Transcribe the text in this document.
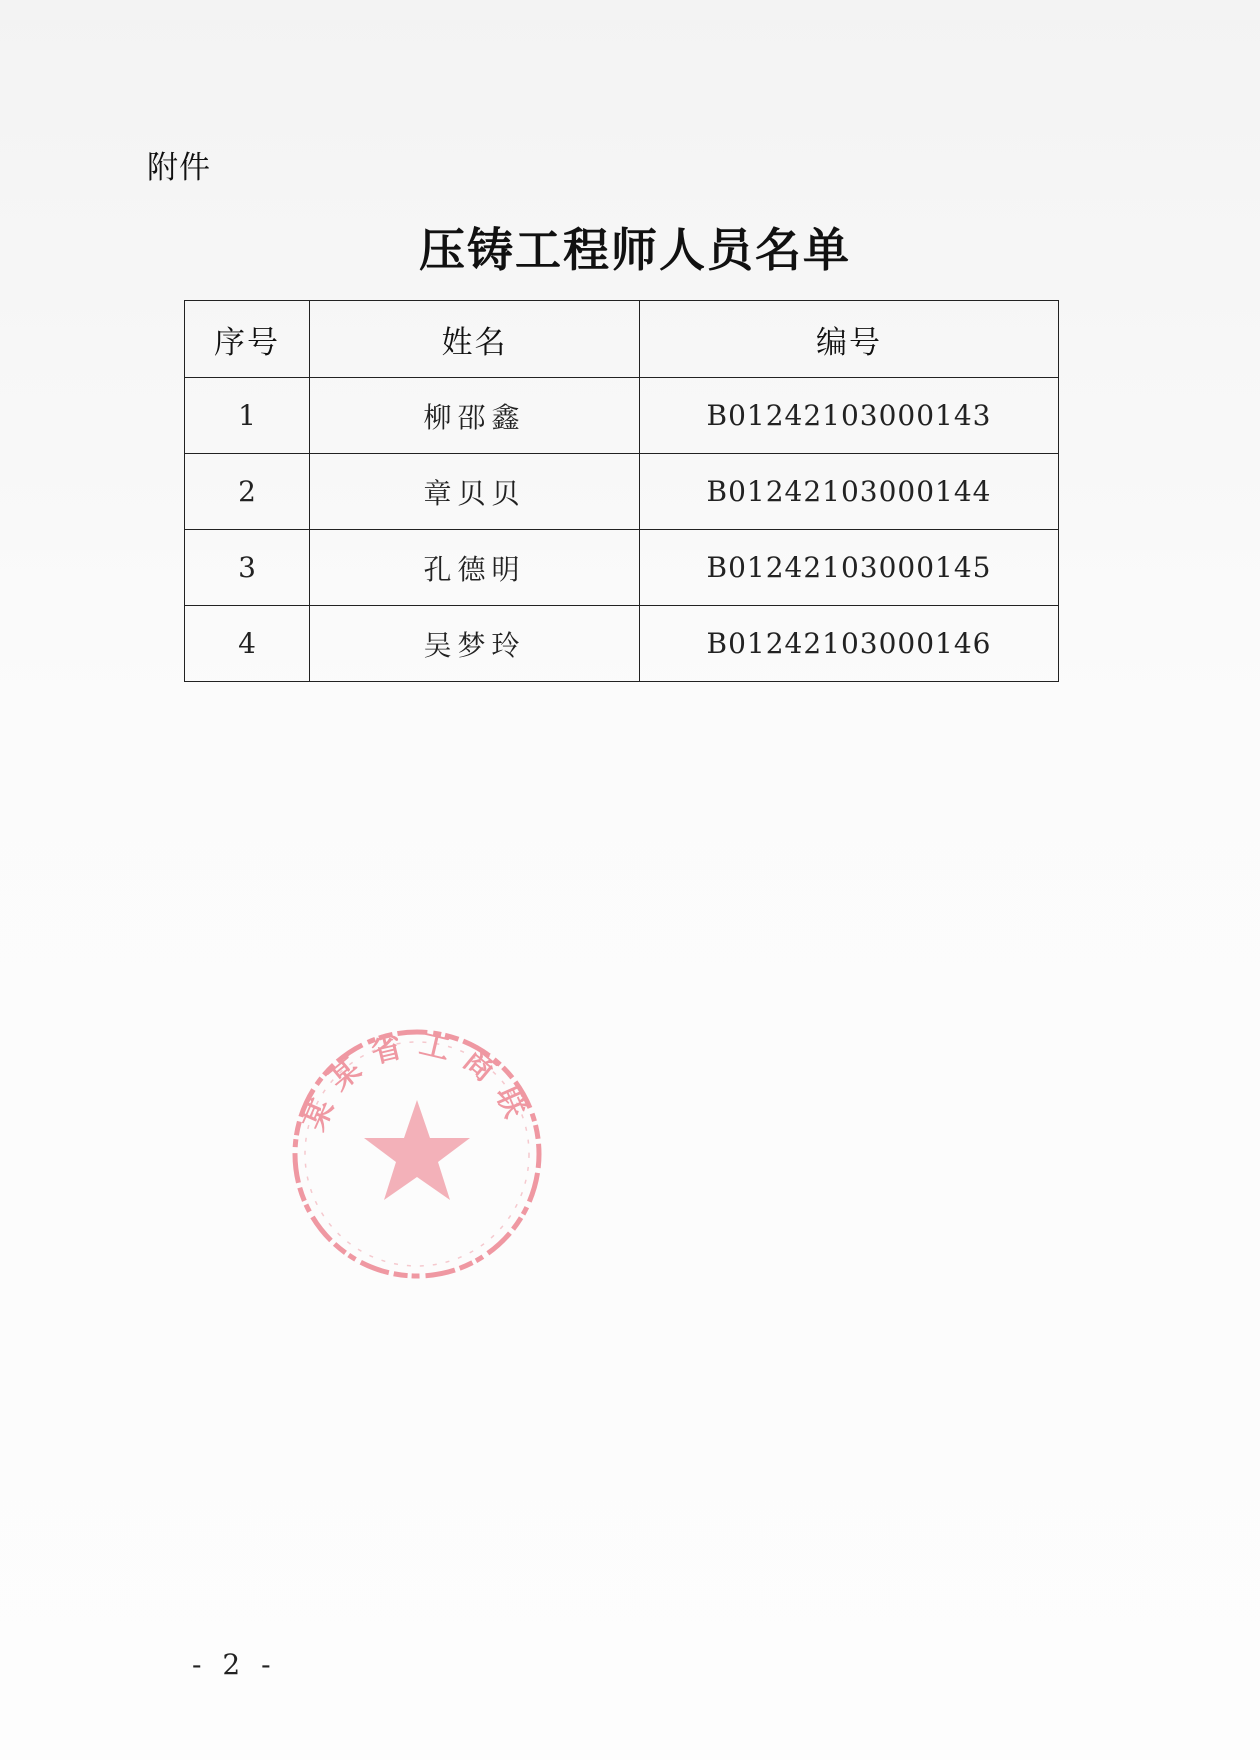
附件
压铸工程师人员名单
序号	姓名	编号
1	柳邵鑫	B01242103000143
2	章贝贝	B01242103000144
3	孔德明	B01242103000145
4	吴梦玲	B01242103000146
某某省工商联
- 2 -
